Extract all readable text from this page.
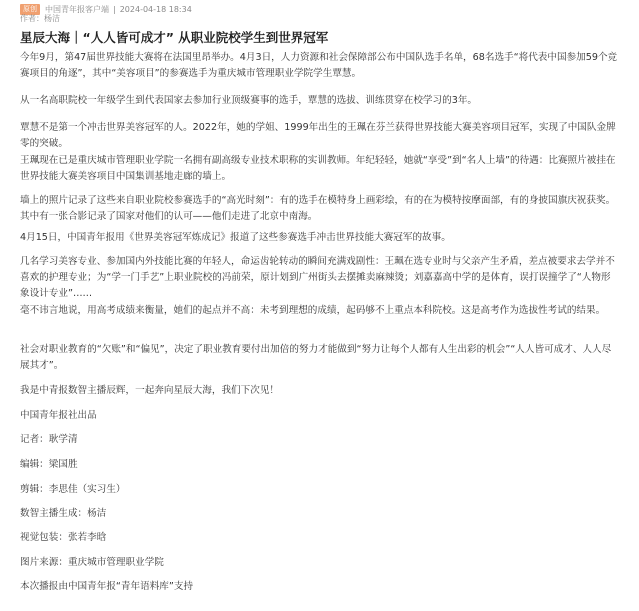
原创	中国青年报客户端 | 2024-04-18 18:34
作者：杨洁
星辰大海｜“人人皆可成才” 从职业院校学生到世界冠军

今年9月，第47届世界技能大赛将在法国里昂举办。4月3日，人力资源和社会保障部公布中国队选手名单，68名选手“将代表中国参加59个竞赛项目的角逐”，其中“美容项目”的参赛选手为重庆城市管理职业学院学生覃慧。

从一名高职院校一年级学生到代表国家去参加行业顶级赛事的选手，覃慧的选拔、训练贯穿在校学习的3年。

覃慧不是第一个冲击世界美容冠军的人。2022年，她的学姐、1999年出生的王珮在芬兰获得世界技能大赛美容项目冠军，实现了中国队金牌零的突破。

王珮现在已是重庆城市管理职业学院一名拥有副高级专业技术职称的实训教师。年纪轻轻，她就“享受”到“名人上墙”的待遇：比赛照片被挂在世界技能大赛美容项目中国集训基地走廊的墙上。

墙上的照片记录了这些来自职业院校参赛选手的“高光时刻”：有的选手在模特身上画彩绘，有的在为模特按摩面部，有的身披国旗庆祝获奖。其中有一张合影记录了国家对他们的认可——他们走进了北京中南海。

4月15日，中国青年报用《世界美容冠军炼成记》报道了这些参赛选手冲击世界技能大赛冠军的故事。

几名学习美容专业、参加国内外技能比赛的年轻人，命运齿轮转动的瞬间充满戏剧性：王珮在选专业时与父亲产生矛盾，差点被要求去学并不喜欢的护理专业；为“学一门手艺”上职业院校的冯前荣，原计划到广州街头去摆摊卖麻辣烫；刘嘉嘉高中学的是体育，误打误撞学了“人物形象设计专业”……

毫不讳言地说，用高考成绩来衡量，她们的起点并不高：未考到理想的成绩，起码够不上重点本科院校。这是高考作为选拔性考试的结果。

社会对职业教育的“欠账”和“偏见”，决定了职业教育要付出加倍的努力才能做到“努力让每个人都有人生出彩的机会”“人人皆可成才、人人尽展其才”。

我是中青报数智主播辰辉，一起奔向星辰大海，我们下次见！

中国青年报社出品

记者：耿学清

编辑：梁国胜

剪辑：李思佳（实习生）

数智主播生成：杨洁

视觉包装：张若李晗

图片来源：重庆城市管理职业学院

本次播报由中国青年报“青年语料库”支持
